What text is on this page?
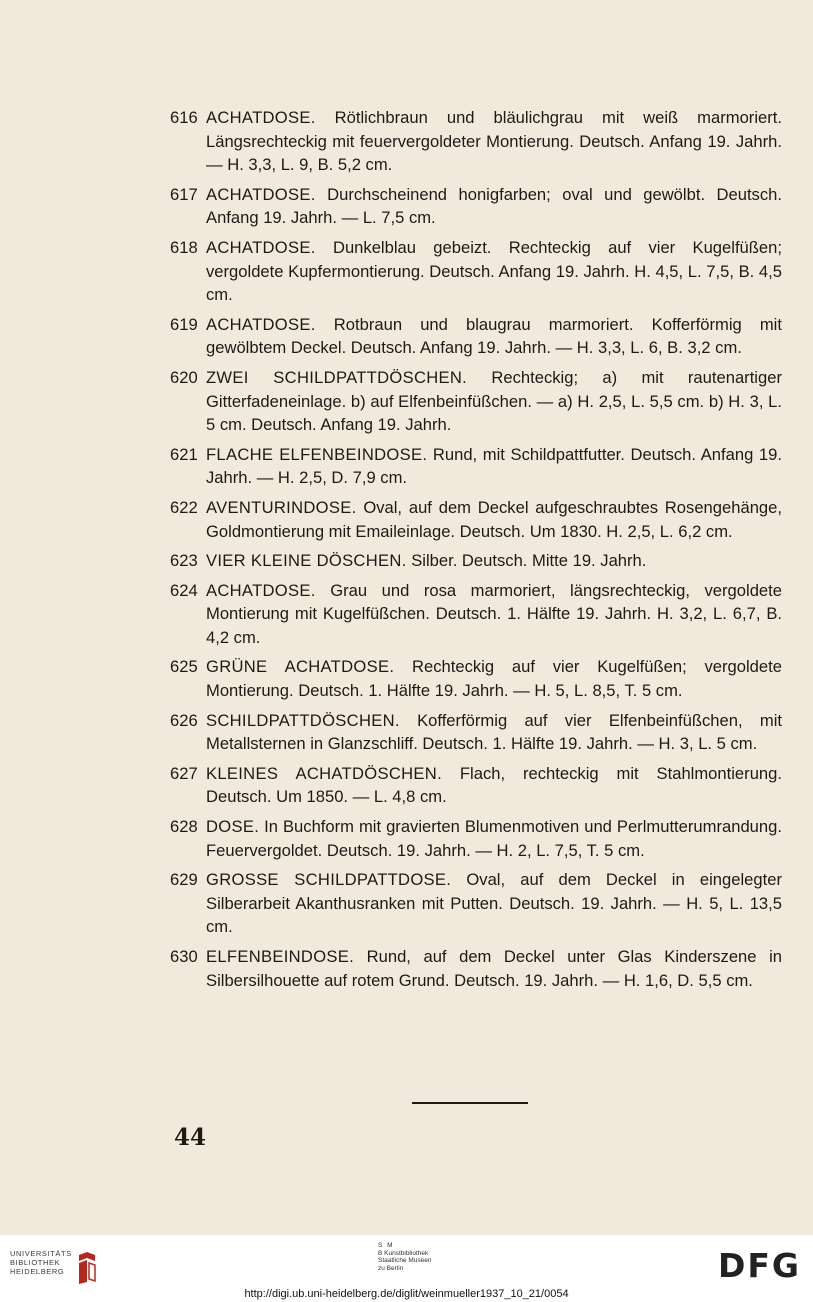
616 ACHATDOSE. Rötlichbraun und bläulichgrau mit weiß marmoriert. Längsrechteckig mit feuervergoldeter Montierung. Deutsch. Anfang 19. Jahrh. — H. 3,3, L. 9, B. 5,2 cm.
617 ACHATDOSE. Durchscheinend honigfarben; oval und gewölbt. Deutsch. Anfang 19. Jahrh. — L. 7,5 cm.
618 ACHATDOSE. Dunkelblau gebeizt. Rechteckig auf vier Kugelfüßen; vergoldete Kupfermontierung. Deutsch. Anfang 19. Jahrh. H. 4,5, L. 7,5, B. 4,5 cm.
619 ACHATDOSE. Rotbraun und blaugrau marmoriert. Kofferförmig mit gewölbtem Deckel. Deutsch. Anfang 19. Jahrh. — H. 3,3, L. 6, B. 3,2 cm.
620 ZWEI SCHILDPATTDÖSCHEN. Rechteckig; a) mit rautenartiger Gitterfadeneinlage. b) auf Elfenbeinfüßchen. — a) H. 2,5, L. 5,5 cm. b) H. 3, L. 5 cm. Deutsch. Anfang 19. Jahrh.
621 FLACHE ELFENBEINDOSE. Rund, mit Schildpattfutter. Deutsch. Anfang 19. Jahrh. — H. 2,5, D. 7,9 cm.
622 AVENTURINDOSE. Oval, auf dem Deckel aufgeschraubtes Rosengehänge, Goldmontierung mit Emaileinlage. Deutsch. Um 1830. H. 2,5, L. 6,2 cm.
623 VIER KLEINE DÖSCHEN. Silber. Deutsch. Mitte 19. Jahrh.
624 ACHATDOSE. Grau und rosa marmoriert, längsrechteckig, vergoldete Montierung mit Kugelfüßchen. Deutsch. 1. Hälfte 19. Jahrh. H. 3,2, L. 6,7, B. 4,2 cm.
625 GRÜNE ACHATDOSE. Rechteckig auf vier Kugelfüßen; vergoldete Montierung. Deutsch. 1. Hälfte 19. Jahrh. — H. 5, L. 8,5, T. 5 cm.
626 SCHILDPATTDÖSCHEN. Kofferförmig auf vier Elfenbeinfüßchen, mit Metallsternen in Glanzschliff. Deutsch. 1. Hälfte 19. Jahrh. — H. 3, L. 5 cm.
627 KLEINES ACHATDÖSCHEN. Flach, rechteckig mit Stahlmontierung. Deutsch. Um 1850. — L. 4,8 cm.
628 DOSE. In Buchform mit gravierten Blumenmotiven und Perlmutterumrandung. Feuervergoldet. Deutsch. 19. Jahrh. — H. 2, L. 7,5, T. 5 cm.
629 GROSSE SCHILDPATTDOSE. Oval, auf dem Deckel in eingelegter Silberarbeit Akanthusranken mit Putten. Deutsch. 19. Jahrh. — H. 5, L. 13,5 cm.
630 ELFENBEINDOSE. Rund, auf dem Deckel unter Glas Kinderszene in Silbersilhouette auf rotem Grund. Deutsch. 19. Jahrh. — H. 1,6, D. 5,5 cm.
44
UNIVERSITÄTS
BIBLIOTHEK
HEIDELBERG
S M
B Kunstbibliothek
Staatliche Museen
zu Berlin	DFG
http://digi.ub.uni-heidelberg.de/diglit/weinmueller1937_10_21/0054
